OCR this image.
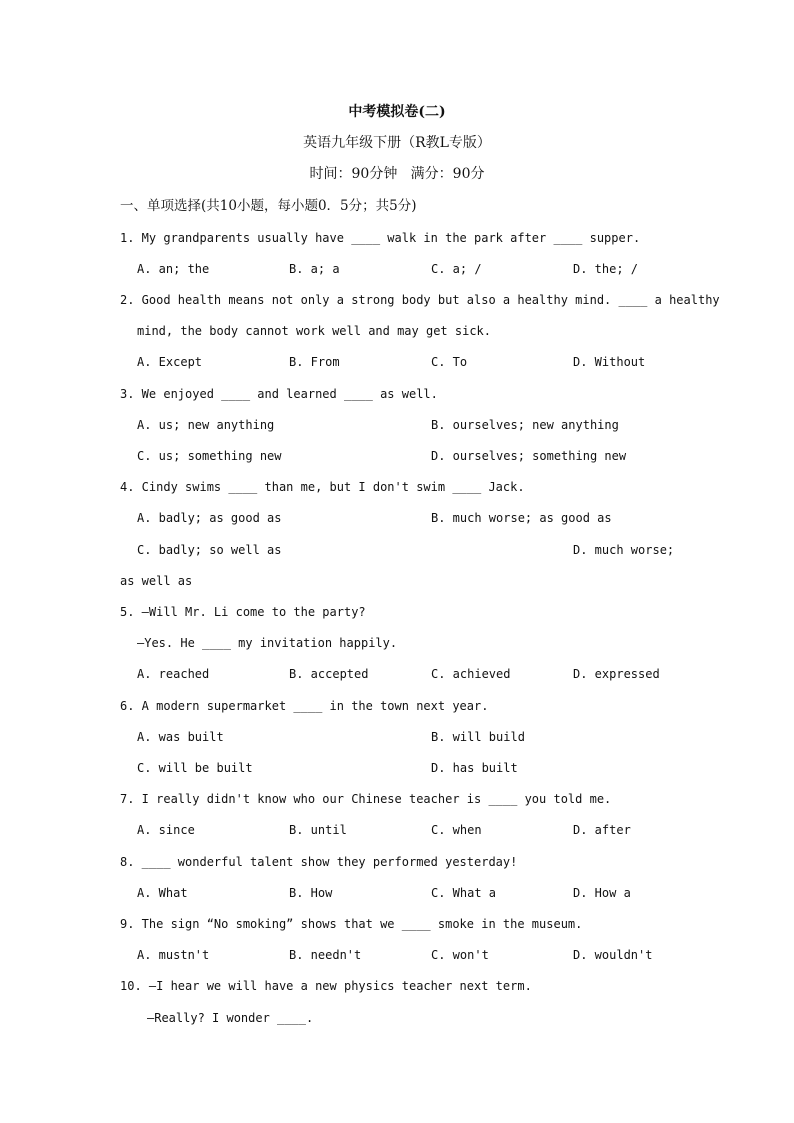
中考模拟卷(二)
英语九年级下册（R教L专版）
时间：90分钟   满分：90分
一、单项选择(共10小题，每小题0．5分；共5分)
1. My grandparents usually have ____ walk in the park after ____ supper.
A. an; the	B. a; a	C. a; /	D. the; /
2. Good health means not only a strong body but also a healthy mind. ____ a healthy
mind, the body cannot work well and may get sick.
A. Except	B. From	C. To	D. Without
3. We enjoyed ____ and learned ____ as well.
A. us; new anything	B. ourselves; new anything
C. us; something new	D. ourselves; something new
4. Cindy swims ____ than me, but I don't swim ____ Jack.
A. badly; as good as	B. much worse; as good as
C. badly; so well as	D. much worse;
as well as
5. —Will Mr. Li come to the party?
—Yes. He ____ my invitation happily.
A. reached	B. accepted	C. achieved	D. expressed
6. A modern supermarket ____ in the town next year.
A. was built	B. will build
C. will be built	D. has built
7. I really didn't know who our Chinese teacher is ____ you told me.
A. since	B. until	C. when	D. after
8. ____ wonderful talent show they performed yesterday!
A. What	B. How	C. What a	D. How a
9. The sign “No smoking” shows that we ____ smoke in the museum.
A. mustn't	B. needn't	C. won't	D. wouldn't
10. —I hear we will have a new physics teacher next term.
—Really? I wonder ____.
